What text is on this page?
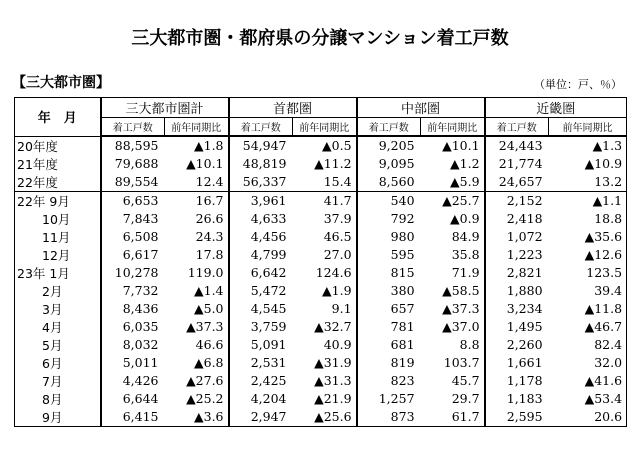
三大都市圏・都府県の分譲マンション着工戸数
【三大都市圏】	（単位：戸、％）
年　月	三大都市圏計		首都圏		中部圏		近畿圏	
	着工戸数	前年同期比	着工戸数	前年同期比	着工戸数	前年同期比	着工戸数	前年同期比
20年度	88,595	▲1.8	54,947	▲0.5	9,205	▲10.1	24,443	▲1.3
21年度	79,688	▲10.1	48,819	▲11.2	9,095	▲1.2	21,774	▲10.9
22年度	89,554	12.4	56,337	15.4	8,560	▲5.9	24,657	13.2
22年 9月	6,653	16.7	3,961	41.7	540	▲25.7	2,152	▲1.1
　　10月	7,843	26.6	4,633	37.9	792	▲0.9	2,418	18.8
　　11月	6,508	24.3	4,456	46.5	980	84.9	1,072	▲35.6
　　12月	6,617	17.8	4,799	27.0	595	35.8	1,223	▲12.6
23年 1月	10,278	119.0	6,642	124.6	815	71.9	2,821	123.5
　　2月	7,732	▲1.4	5,472	▲1.9	380	▲58.5	1,880	39.4
　　3月	8,436	▲5.0	4,545	9.1	657	▲37.3	3,234	▲11.8
　　4月	6,035	▲37.3	3,759	▲32.7	781	▲37.0	1,495	▲46.7
　　5月	8,032	46.6	5,091	40.9	681	8.8	2,260	82.4
　　6月	5,011	▲6.8	2,531	▲31.9	819	103.7	1,661	32.0
　　7月	4,426	▲27.6	2,425	▲31.3	823	45.7	1,178	▲41.6
　　8月	6,644	▲25.2	4,204	▲21.9	1,257	29.7	1,183	▲53.4
　　9月	6,415	▲3.6	2,947	▲25.6	873	61.7	2,595	20.6
